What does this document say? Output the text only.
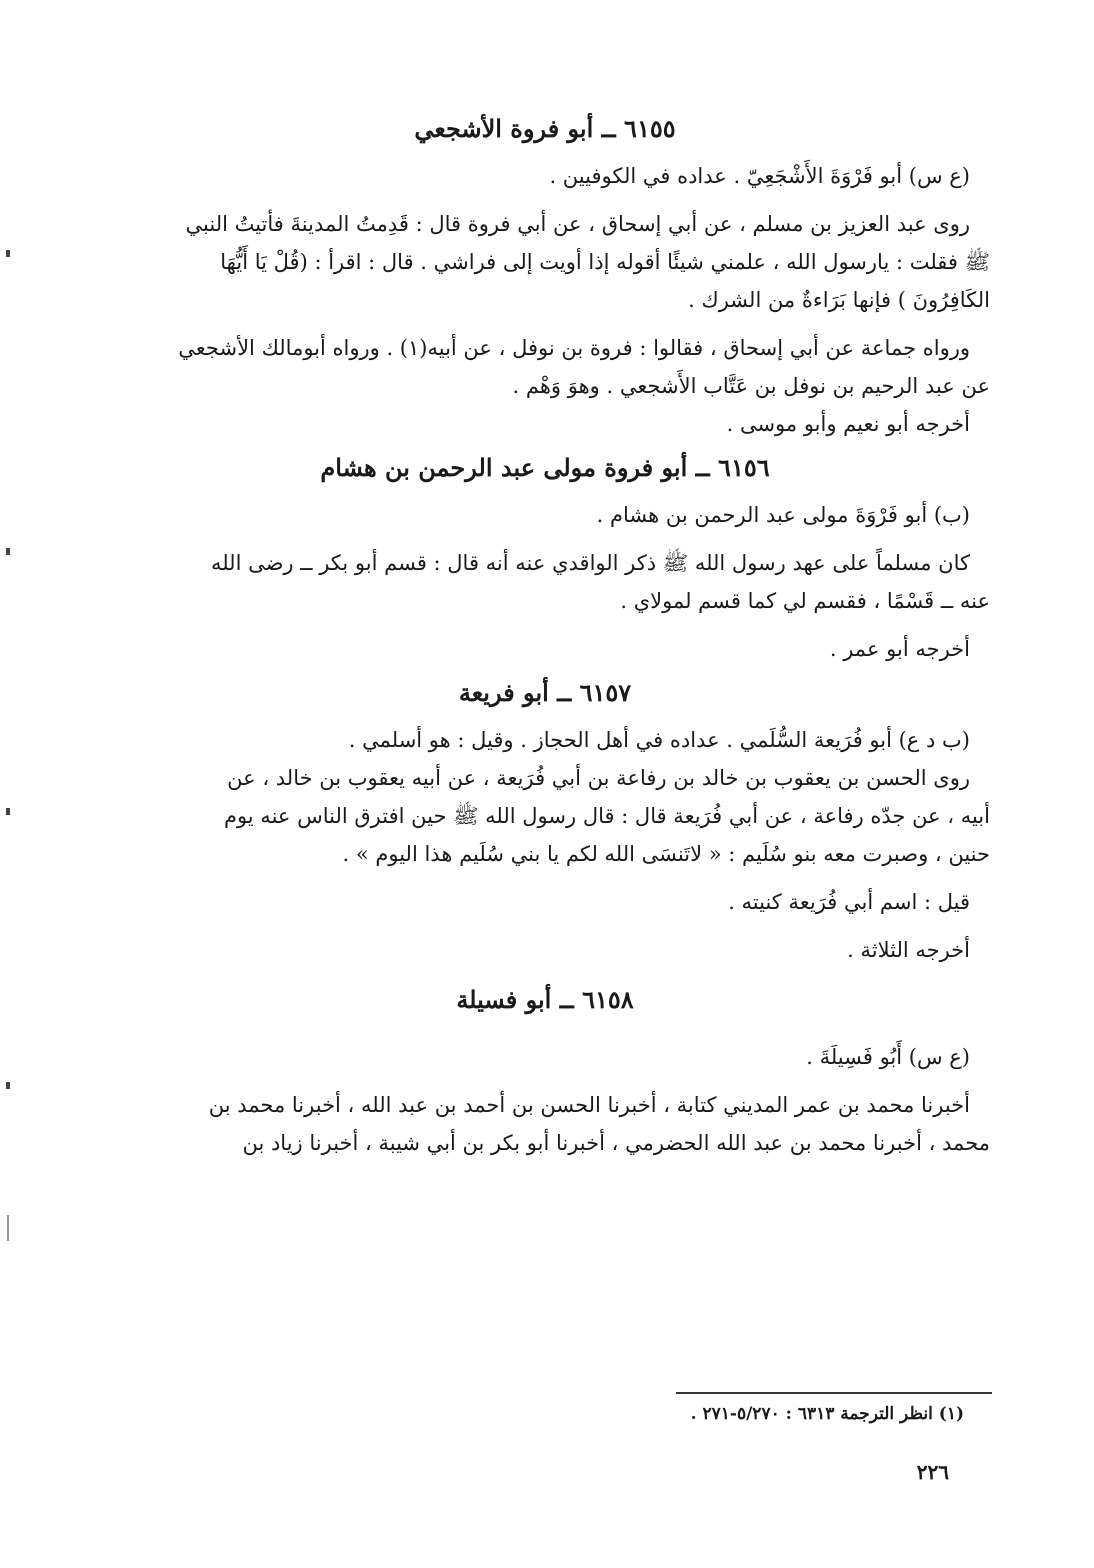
٦١٥٥ ــ أبو فروة الأشجعي

(ع س) أبو فَرْوَةَ الأَشْجَعِيّ . عداده في الكوفيين .

روى عبد العزيز بن مسلم ، عن أبي إسحاق ، عن أبي فروة قال : قَدِمتُ المدينةَ فأتيتُ النبي

ﷺ فقلت : يارسول الله ، علمني شيئًا أقوله إذا أويت إلى فراشي . قال : اقرأ : (قُلْ يَا أَيُّهَا

الكَافِرُونَ ) فإنها بَرَاءةٌ من الشرك .

ورواه جماعة عن أبي إسحاق ، فقالوا : فروة بن نوفل ، عن أبيه(١) . ورواه أبومالك الأشجعي

عن عبد الرحيم بن نوفل بن عَتَّاب الأَشجعي . وهوَ وَهْم .

أخرجه أبو نعيم وأبو موسى .

٦١٥٦ ــ أبو فروة مولى عبد الرحمن بن هشام

(ب) أبو فَرْوَةَ مولى عبد الرحمن بن هشام .

كان مسلماً على عهد رسول الله ﷺ ذكر الواقدي عنه أنه قال : قسم أبو بكر ــ رضى الله

عنه ــ قَسْمًا ، فقسم لي كما قسم لمولاي .

أخرجه أبو عمر .

٦١٥٧ ــ أبو فريعة

(ب د ع) أبو فُرَيعة السُّلَمي . عداده في أهل الحجاز . وقيل : هو أسلمي .

روى الحسن بن يعقوب بن خالد بن رفاعة بن أبي فُرَيعة ، عن أبيه يعقوب بن خالد ، عن

أبيه ، عن جدّه رفاعة ، عن أبي فُرَيعة قال : قال رسول الله ﷺ حين افترق الناس عنه يوم

حنين ، وصبرت معه بنو سُلَيم : « لاتَنسَى الله لكم يا بني سُلَيم هذا اليوم » .

قيل : اسم أبي فُرَيعة كنيته .

أخرجه الثلاثة .

٦١٥٨ ــ أبو فسيلة

(ع س) أَبُو فَسِيلَةَ .

أخبرنا محمد بن عمر المديني كتابة ، أخبرنا الحسن بن أحمد بن عبد الله ، أخبرنا محمد بن

محمد ، أخبرنا محمد بن عبد الله الحضرمي ، أخبرنا أبو بكر بن أبي شيبة ، أخبرنا زياد بن

(١) انظر الترجمة ٦٣١٣ : ٥/٢٧٠-٢٧١ .
٢٢٦
